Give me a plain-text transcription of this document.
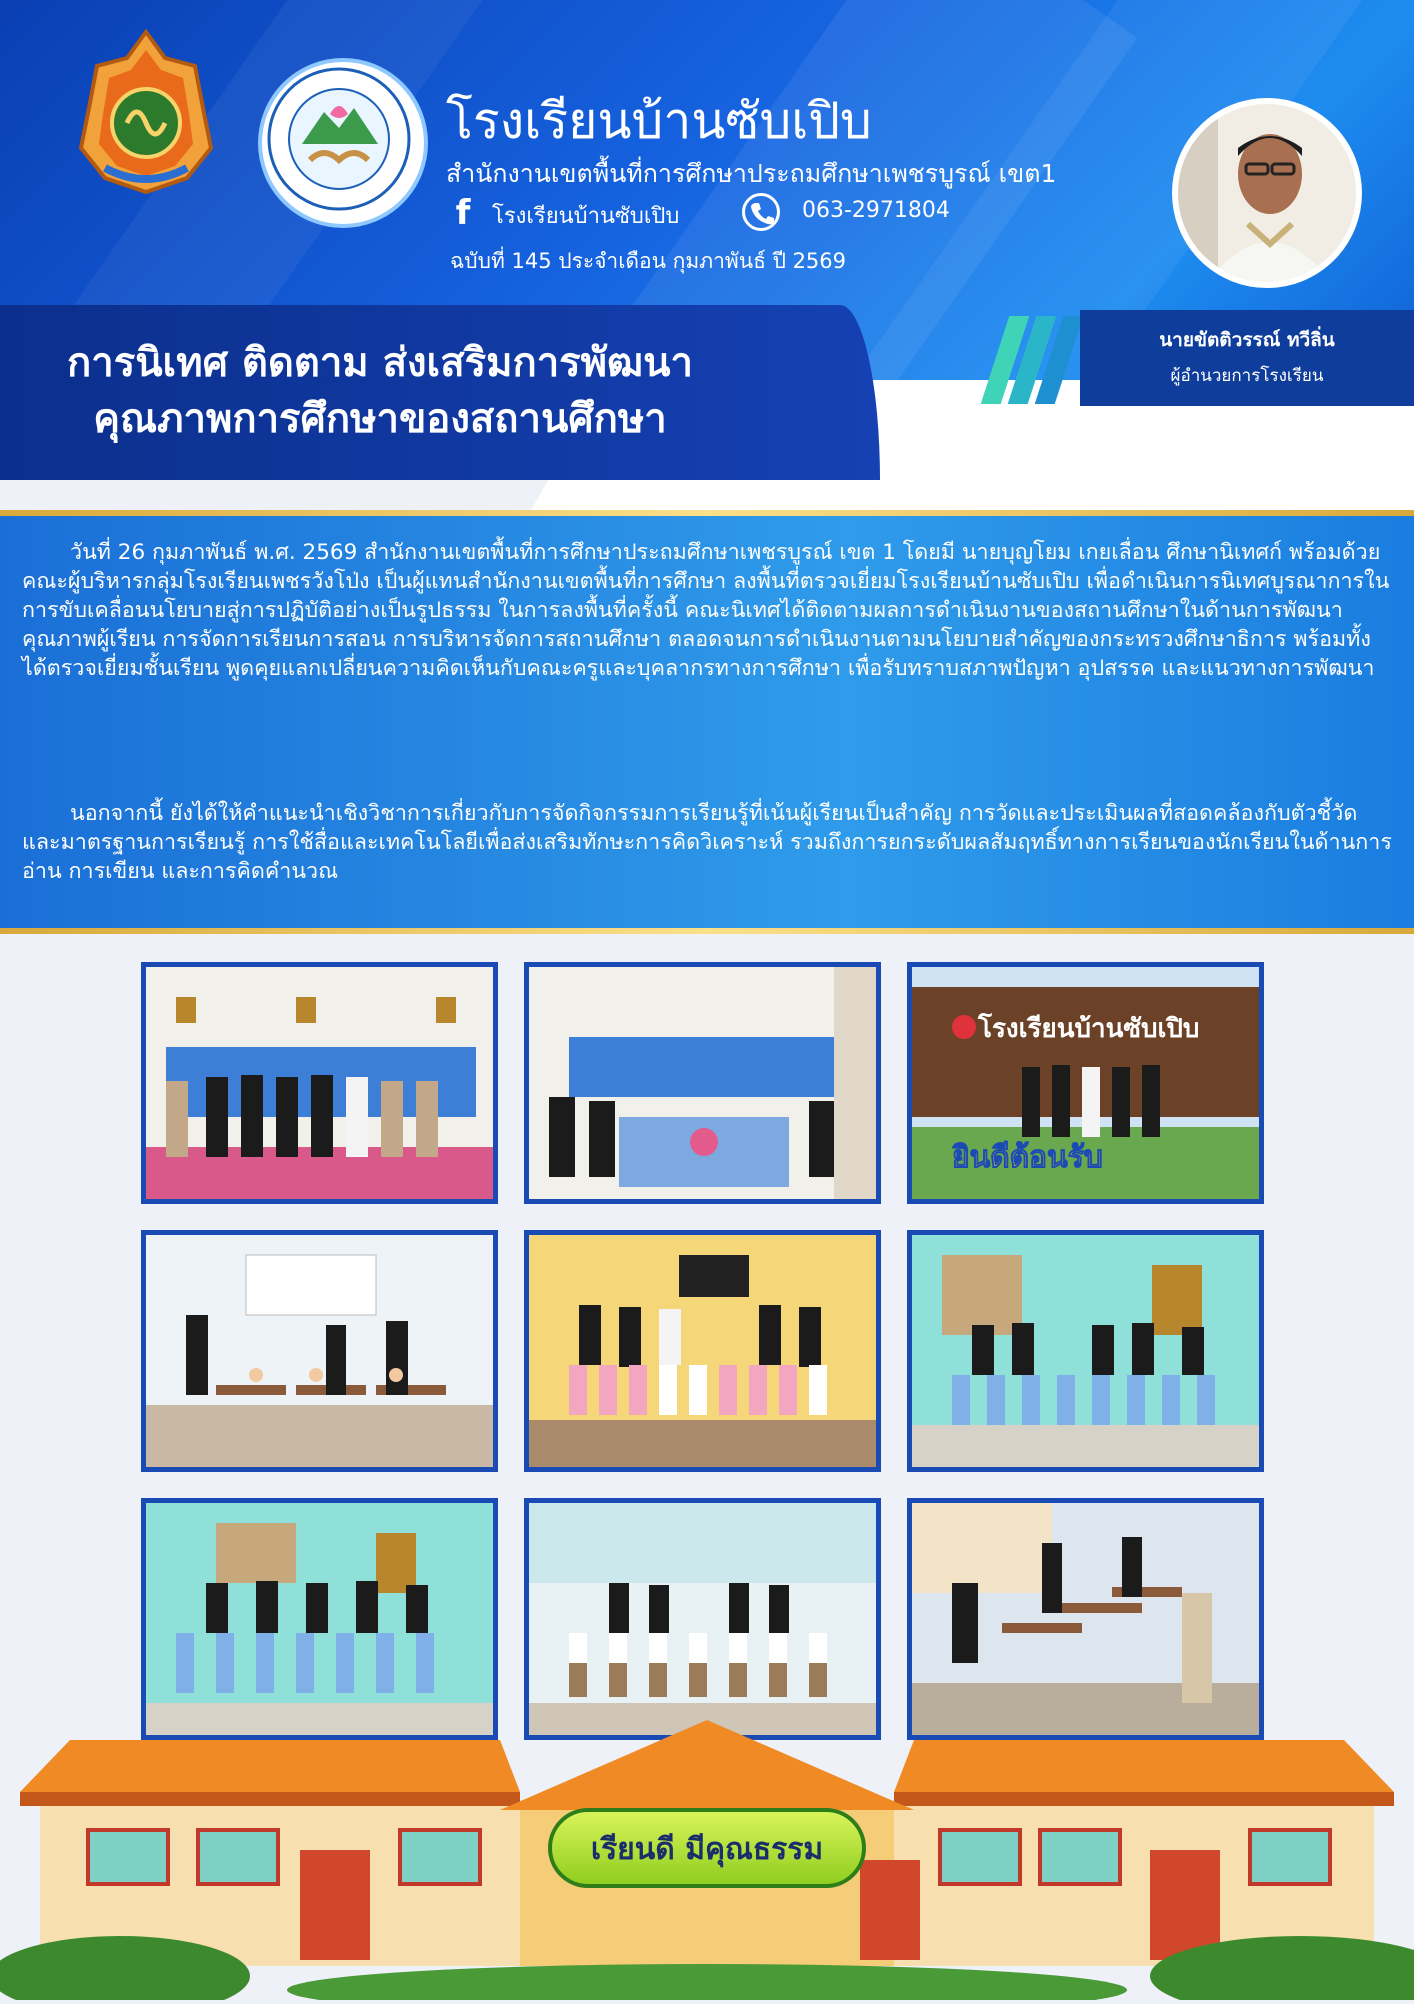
โรงเรียนบ้านซับเปิบ
สำนักงานเขตพื้นที่การศึกษาประถมศึกษาเพชรบูรณ์ เขต1
f โรงเรียนบ้านซับเปิบ	063-2971804
ฉบับที่ 145 ประจำเดือน กุมภาพันธ์ ปี 2569
การนิเทศ ติดตาม ส่งเสริมการพัฒนา
คุณภาพการศึกษาของสถานศึกษา
นายขัตติวรรณ์ ทวีลิ่น
ผู้อำนวยการโรงเรียน
วันที่ 26 กุมภาพันธ์ พ.ศ. 2569 สำนักงานเขตพื้นที่การศึกษาประถมศึกษาเพชรบูรณ์ เขต 1 โดยมี นายบุญโยม เกยเลื่อน ศึกษานิเทศก์ พร้อมด้วยคณะผู้บริหารกลุ่มโรงเรียนเพชรวังโป่ง เป็นผู้แทนสำนักงานเขตพื้นที่การศึกษา ลงพื้นที่ตรวจเยี่ยมโรงเรียนบ้านซับเปิบ เพื่อดำเนินการนิเทศบูรณาการในการขับเคลื่อนนโยบายสู่การปฏิบัติอย่างเป็นรูปธรรม ในการลงพื้นที่ครั้งนี้ คณะนิเทศได้ติดตามผลการดำเนินงานของสถานศึกษาในด้านการพัฒนาคุณภาพผู้เรียน การจัดการเรียนการสอน การบริหารจัดการสถานศึกษา ตลอดจนการดำเนินงานตามนโยบายสำคัญของกระทรวงศึกษาธิการ พร้อมทั้งได้ตรวจเยี่ยมชั้นเรียน พูดคุยแลกเปลี่ยนความคิดเห็นกับคณะครูและบุคลากรทางการศึกษา เพื่อรับทราบสภาพปัญหา อุปสรรค และแนวทางการพัฒนา
นอกจากนี้ ยังได้ให้คำแนะนำเชิงวิชาการเกี่ยวกับการจัดกิจกรรมการเรียนรู้ที่เน้นผู้เรียนเป็นสำคัญ การวัดและประเมินผลที่สอดคล้องกับตัวชี้วัดและมาตรฐานการเรียนรู้ การใช้สื่อและเทคโนโลยีเพื่อส่งเสริมทักษะการคิดวิเคราะห์ รวมถึงการยกระดับผลสัมฤทธิ์ทางการเรียนของนักเรียนในด้านการอ่าน การเขียน และการคิดคำนวณ
โรงเรียนบ้านซับเปิบ
ยินดีต้อนรับ
เรียนดี มีคุณธรรม
